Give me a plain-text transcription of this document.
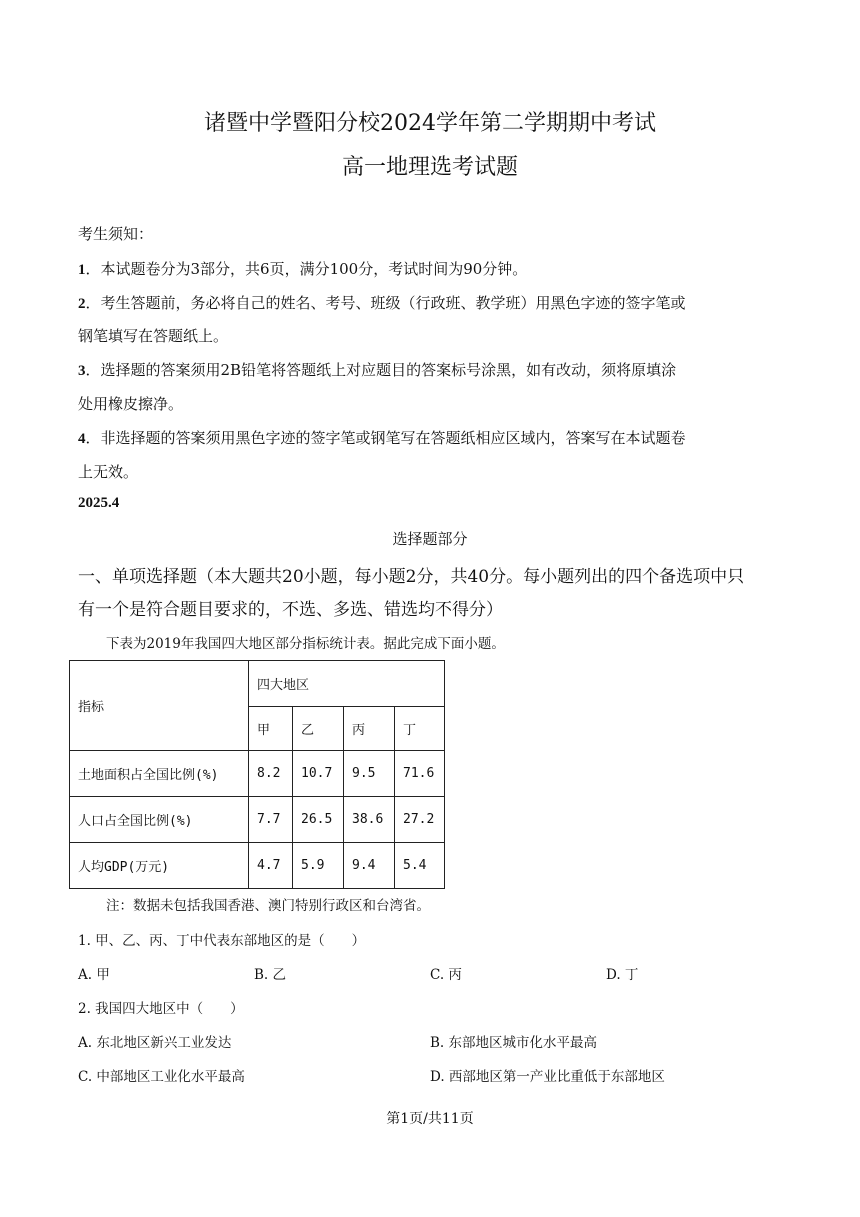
诸暨中学暨阳分校2024学年第二学期期中考试
高一地理选考试题
考生须知：
1．本试题卷分为3部分，共6页，满分100分，考试时间为90分钟。
2．考生答题前，务必将自己的姓名、考号、班级（行政班、教学班）用黑色字迹的签字笔或
钢笔填写在答题纸上。
3．选择题的答案须用2B铅笔将答题纸上对应题目的答案标号涂黑，如有改动，须将原填涂
处用橡皮擦净。
4．非选择题的答案须用黑色字迹的签字笔或钢笔写在答题纸相应区域内，答案写在本试题卷
上无效。
2025.4
选择题部分
一、单项选择题（本大题共20小题，每小题2分，共40分。每小题列出的四个备选项中只
有一个是符合题目要求的，不选、多选、错选均不得分）
下表为2019年我国四大地区部分指标统计表。据此完成下面小题。
指标	四大地区			
	甲	乙	丙	丁
土地面积占全国比例(%)	8.2	10.7	9.5	71.6
人口占全国比例(%)	7.7	26.5	38.6	27.2
人均GDP(万元)	4.7	5.9	9.4	5.4
注：数据未包括我国香港、澳门特别行政区和台湾省。
1. 甲、乙、丙、丁中代表东部地区的是（　　）
A. 甲	B. 乙	C. 丙	D. 丁
2. 我国四大地区中（　　）
A. 东北地区新兴工业发达	B. 东部地区城市化水平最高
C. 中部地区工业化水平最高	D. 西部地区第一产业比重低于东部地区
第1页/共11页
